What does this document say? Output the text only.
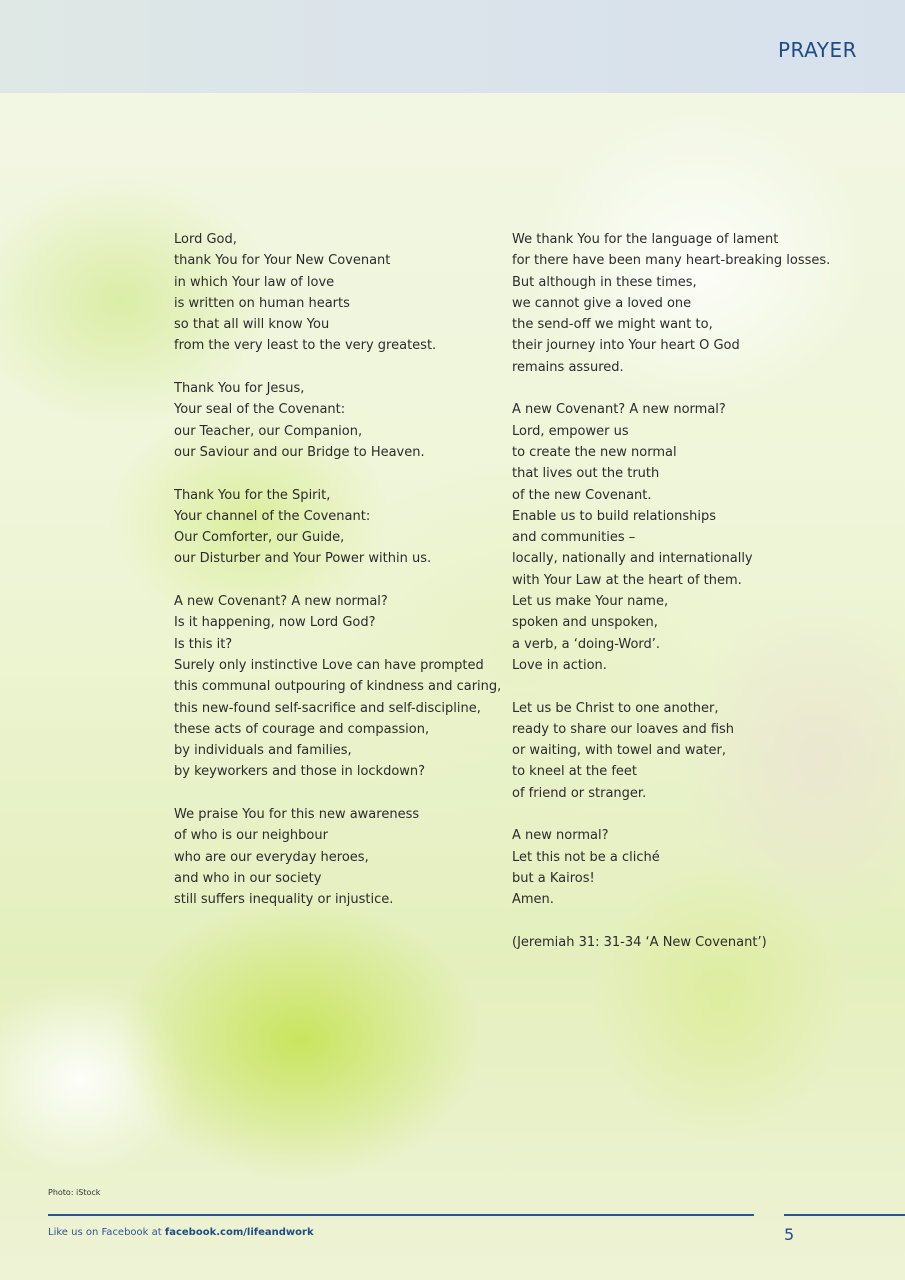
PRAYER
Lord God,
thank You for Your New Covenant
in which Your law of love
is written on human hearts
so that all will know You
from the very least to the very greatest.
Thank You for Jesus,
Your seal of the Covenant:
our Teacher, our Companion,
our Saviour and our Bridge to Heaven.
Thank You for the Spirit,
Your channel of the Covenant:
Our Comforter, our Guide,
our Disturber and Your Power within us.
A new Covenant? A new normal?
Is it happening, now Lord God?
Is this it?
Surely only instinctive Love can have prompted
this communal outpouring of kindness and caring,
this new-found self-sacrifice and self-discipline,
these acts of courage and compassion,
by individuals and families,
by keyworkers and those in lockdown?
We praise You for this new awareness
of who is our neighbour
who are our everyday heroes,
and who in our society
still suffers inequality or injustice.
We thank You for the language of lament
for there have been many heart-breaking losses.
But although in these times,
we cannot give a loved one
the send-off we might want to,
their journey into Your heart O God
remains assured.
A new Covenant? A new normal?
Lord, empower us
to create the new normal
that lives out the truth
of the new Covenant.
Enable us to build relationships
and communities –
locally, nationally and internationally
with Your Law at the heart of them.
Let us make Your name,
spoken and unspoken,
a verb, a ‘doing-Word’.
Love in action.
Let us be Christ to one another,
ready to share our loaves and fish
or waiting, with towel and water,
to kneel at the feet
of friend or stranger.
A new normal?
Let this not be a cliché
but a Kairos!
Amen.
(Jeremiah 31: 31-34 ‘A New Covenant’)
Photo: iStock
Like us on Facebook at facebook.com/lifeandwork	5
